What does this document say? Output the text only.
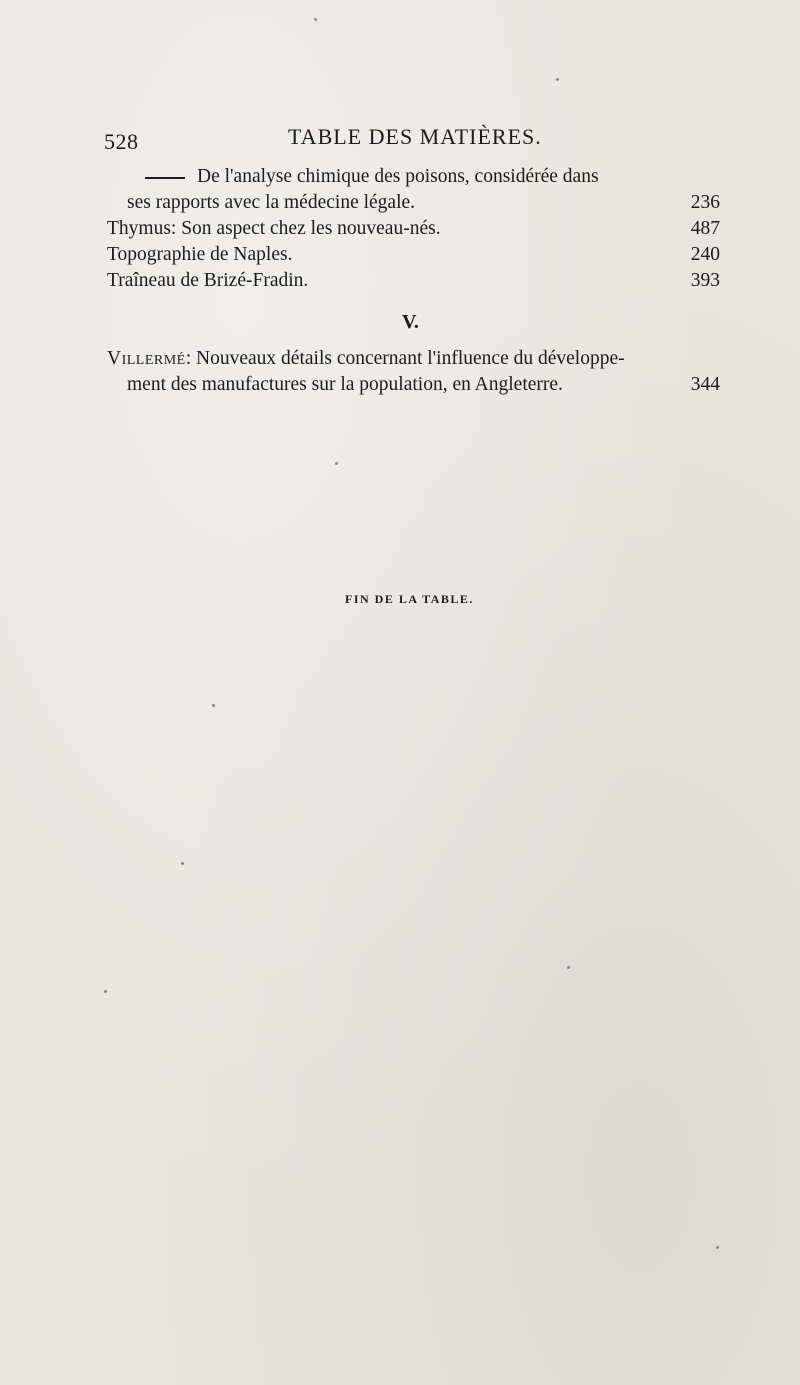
528	TABLE DES MATIÈRES.
De l'analyse chimique des poisons, considérée dans
ses rapports avec la médecine légale.	236
Thymus: Son aspect chez les nouveau-nés.	487
Topographie de Naples.	240
Traîneau de Brizé-Fradin.	393
V.
Villermé: Nouveaux détails concernant l'influence du développe-
ment des manufactures sur la population, en Angleterre.	344
FIN DE LA TABLE.
